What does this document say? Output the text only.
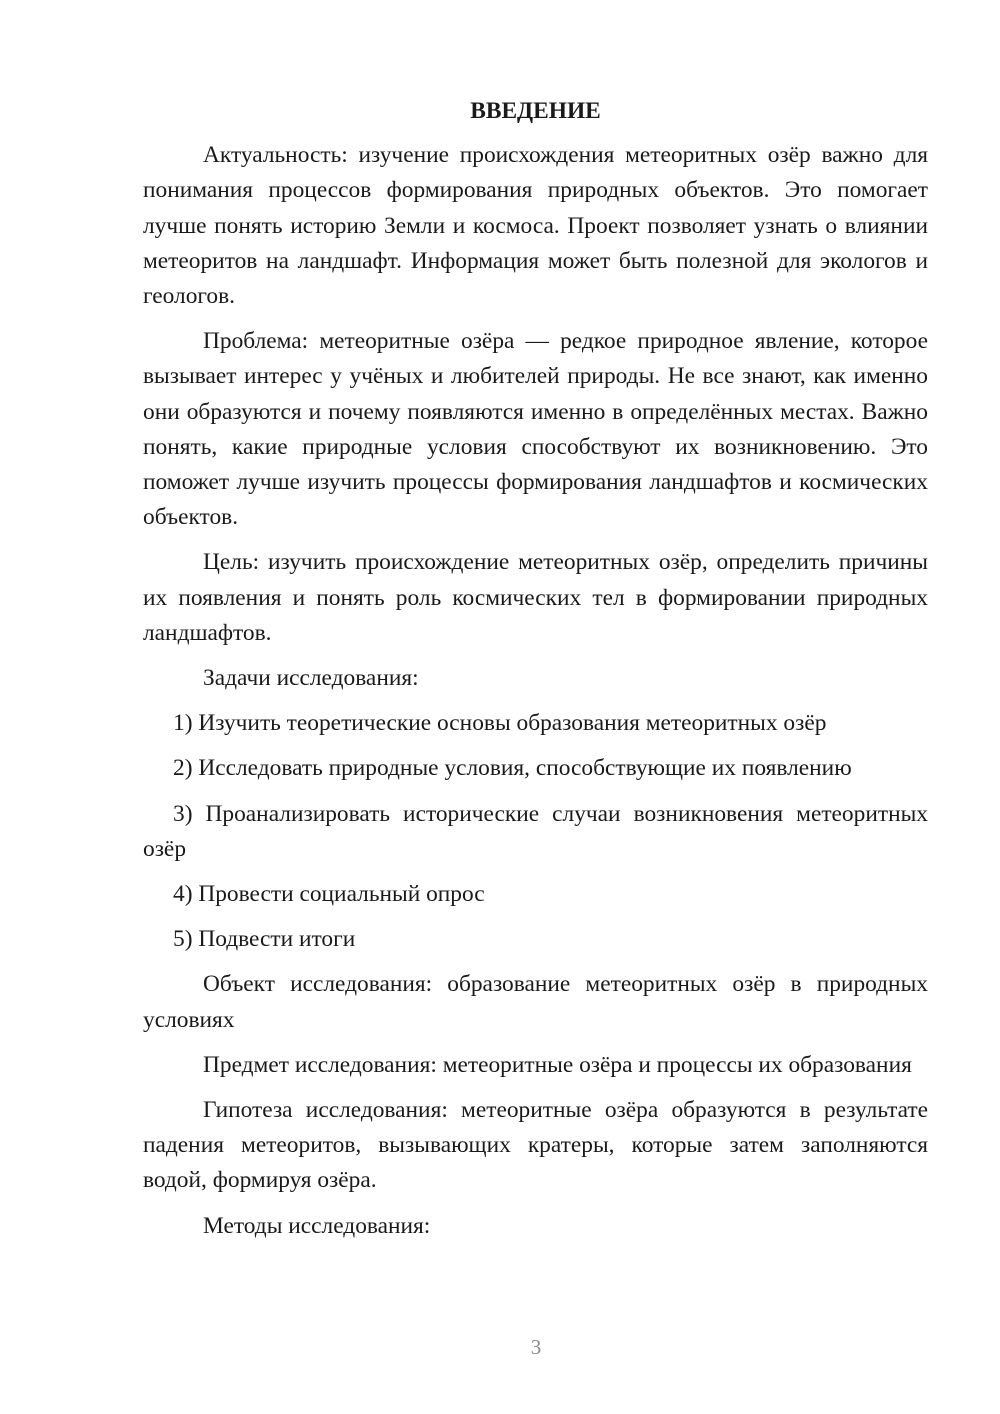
ВВЕДЕНИЕ
Актуальность: изучение происхождения метеоритных озёр важно для понимания процессов формирования природных объектов. Это помогает лучше понять историю Земли и космоса. Проект позволяет узнать о влиянии метеоритов на ландшафт. Информация может быть полезной для экологов и геологов.
Проблема: метеоритные озёра — редкое природное явление, которое вызывает интерес у учёных и любителей природы. Не все знают, как именно они образуются и почему появляются именно в определённых местах. Важно понять, какие природные условия способствуют их возникновению. Это поможет лучше изучить процессы формирования ландшафтов и космических объектов.
Цель: изучить происхождение метеоритных озёр, определить причины их появления и понять роль космических тел в формировании природных ландшафтов.
Задачи исследования:
1) Изучить теоретические основы образования метеоритных озёр
2) Исследовать природные условия, способствующие их появлению
3) Проанализировать исторические случаи возникновения метеоритных озёр
4) Провести социальный опрос
5) Подвести итоги
Объект исследования: образование метеоритных озёр в природных условиях
Предмет исследования: метеоритные озёра и процессы их образования
Гипотеза исследования: метеоритные озёра образуются в результате падения метеоритов, вызывающих кратеры, которые затем заполняются водой, формируя озёра.
Методы исследования:
3
